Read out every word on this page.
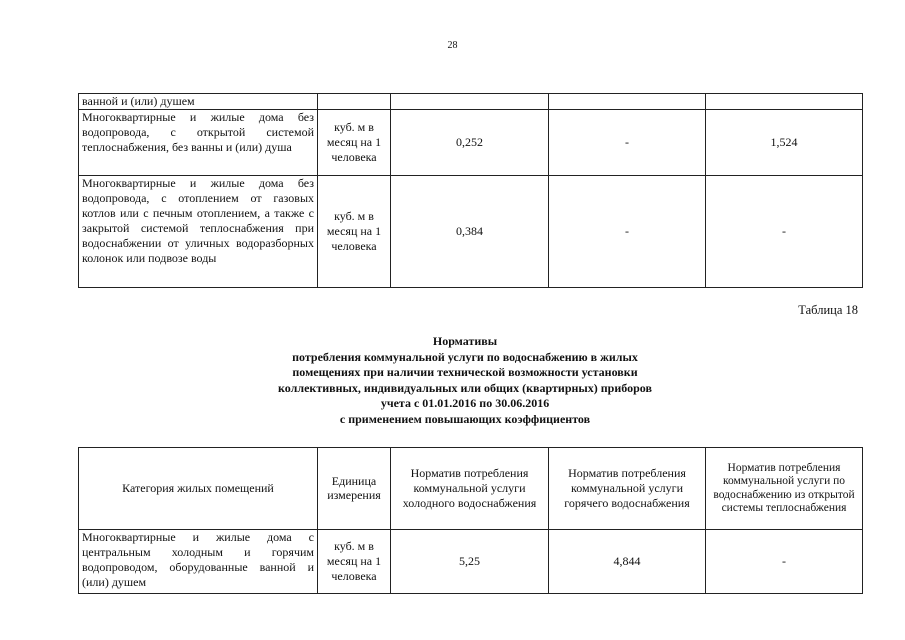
28
ванной и (или) душем				
Многоквартирные и жилые дома без водопровода, с открытой системой теплоснабжения, без ванны и (или) душа	куб. м в месяц на 1 человека	0,252	-	1,524
Многоквартирные и жилые дома без водопровода, с отоплением от газовых котлов или с печным отоплением, а также с закрытой системой теплоснабжения при водоснабжении от уличных водоразборных колонок или подвозе воды	куб. м в месяц на 1 человека	0,384	-	-
Таблица 18
Нормативы
потребления коммунальной услуги по водоснабжению в жилых
помещениях при наличии технической возможности установки
коллективных, индивидуальных или общих (квартирных) приборов
учета с 01.01.2016 по 30.06.2016
с применением повышающих коэффициентов
Категория жилых помещений	Единица измерения	Норматив потребления коммунальной услуги холодного водоснабжения	Норматив потребления коммунальной услуги горячего водоснабжения	Норматив потребления коммунальной услуги по водоснабжению из открытой системы теплоснабжения
Многоквартирные и жилые дома с центральным холодным и горячим водопроводом, оборудованные ванной и (или) душем	куб. м в месяц на 1 человека	5,25	4,844	-
